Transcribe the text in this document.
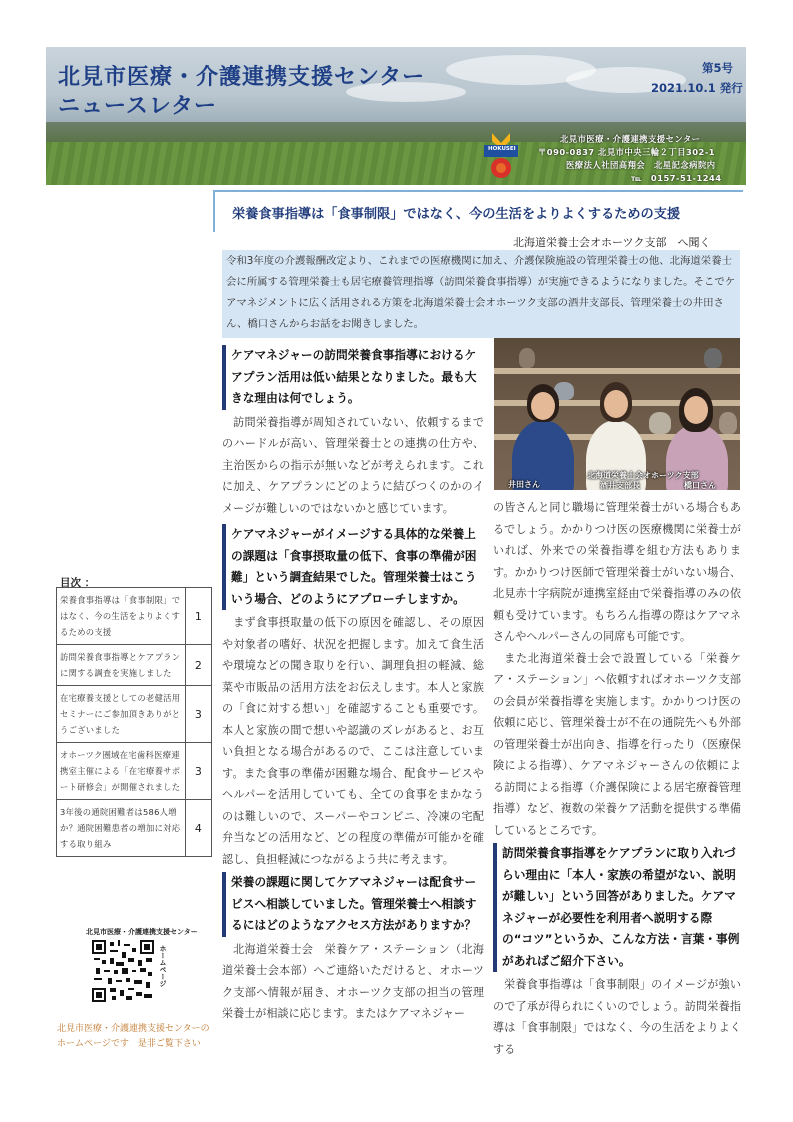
北見市医療・介護連携支援センター
ニュースレター
第5号
2021.10.1 発行
HOKUSEI
北見市医療・介護連携支援センター
〒090-0837 北見市中央三輪２丁目302-1
医療法人社団高翔会　北星記念病院内
℡　0157-51-1244
栄養食事指導は「食事制限」ではなく、今の生活をよりよくするための支援
北海道栄養士会オホーツク支部　へ聞く

令和3年度の介護報酬改定より、これまでの医療機関に加え、介護保険施設の管理栄養士の他、北海道栄養士会に所属する管理栄養士も居宅療養管理指導（訪問栄養食事指導）が実施できるようになりました。そこでケアマネジメントに広く活用される方策を北海道栄養士会オホーツク支部の酒井支部長、管理栄養士の井田さん、橋口さんからお話をお聞きしました。

ケアマネジャーの訪問栄養食事指導におけるケアプラン活用は低い結果となりました。最も大きな理由は何でしょう。
訪問栄養指導が周知されていない、依頼するまでのハードルが高い、管理栄養士との連携の仕方や、主治医からの指示が無いなどが考えられます。これに加え、ケアプランにどのように結びつくのかのイメージが難しいのではないかと感じています。
ケアマネジャーがイメージする具体的な栄養上の課題は「食事摂取量の低下、食事の準備が困難」という調査結果でした。管理栄養士はこういう場合、どのようにアプローチしますか。
まず食事摂取量の低下の原因を確認し、その原因や対象者の嗜好、状況を把握します。加えて食生活や環境などの聞き取りを行い、調理負担の軽減、総菜や市販品の活用方法をお伝えします。本人と家族の「食に対する想い」を確認することも重要です。本人と家族の間で想いや認識のズレがあると、お互い負担となる場合があるので、ここは注意しています。また食事の準備が困難な場合、配食サービスやヘルパーを活用していても、全ての食事をまかなうのは難しいので、スーパーやコンビニ、冷凍の宅配弁当などの活用など、どの程度の準備が可能かを確認し、負担軽減につながるよう共に考えます。
栄養の課題に関してケアマネジャーは配食サービスへ相談していました。管理栄養士へ相談するにはどのようなアクセス方法がありますか？
北海道栄養士会　栄養ケア・ステーション（北海道栄養士会本部）へご連絡いただけると、オホーツク支部へ情報が届き、オホーツク支部の担当の管理栄養士が相談に応じます。またはケアマネジャー
北海道栄養士会オホーツク支部
井田さん	酒井支部長	橋口さん
の皆さんと同じ職場に管理栄養士がいる場合もあるでしょう。かかりつけ医の医療機関に栄養士がいれば、外来での栄養指導を組む方法もあります。かかりつけ医師で管理栄養士がいない場合、北見赤十字病院が連携室経由で栄養指導のみの依頼も受けています。もちろん指導の際はケアマネさんやヘルパーさんの同席も可能です。
また北海道栄養士会で設置している「栄養ケア・ステーション」へ依頼すればオホーツク支部の会員が栄養指導を実施します。かかりつけ医の依頼に応じ、管理栄養士が不在の通院先へも外部の管理栄養士が出向き、指導を行ったり（医療保険による指導）、ケアマネジャーさんの依頼による訪問による指導（介護保険による居宅療養管理指導）など、複数の栄養ケア活動を提供する準備しているところです。
訪問栄養食事指導をケアプランに取り入れづらい理由に「本人・家族の希望がない、説明が難しい」という回答がありました。ケアマネジャーが必要性を利用者へ説明する際の“コツ”というか、こんな方法・言葉・事例があればご紹介下さい。
栄養食事指導は「食事制限」のイメージが強いので了承が得られにくいのでしょう。訪問栄養指導は「食事制限」ではなく、今の生活をよりよくする
目次 ：
栄養食事指導は「食事制限」ではなく、今の生活をよりよくするための支援
1
訪問栄養食事指導とケアプランに関する調査を実施しました
2
在宅療養支援としての老健活用セミナーにご参加頂きありがとうございました
3
オホーツク圏域在宅歯科医療連携室主催による「在宅療養サポート研修会」が開催されました
3
3年後の通院困難者は586人増か？通院困難患者の増加に対応する取り組み
4
北見市医療・介護連携支援センター
ホームページ
北見市医療・介護連携支援センターのホームページです　是非ご覧下さい
